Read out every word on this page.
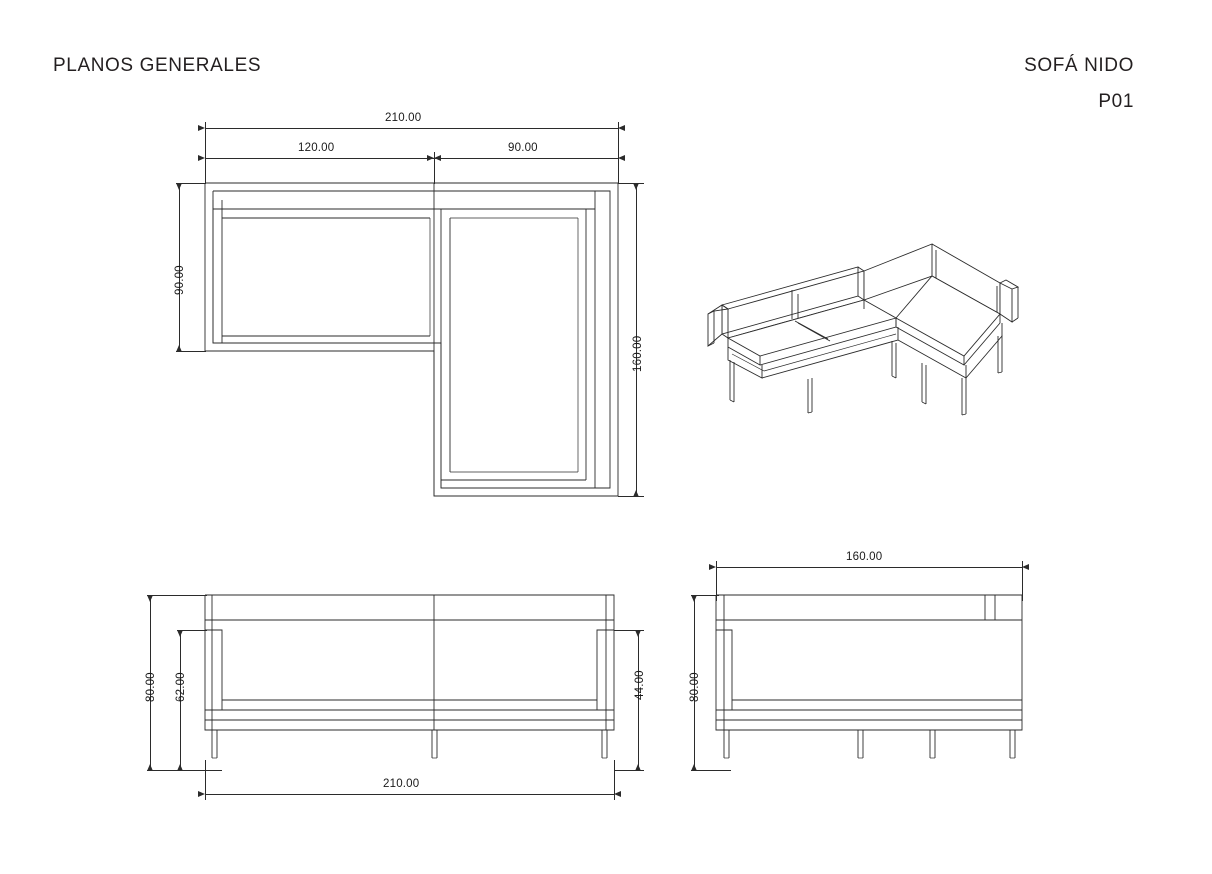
PLANOS GENERALES	SOFÁ NIDO
P01
210.00
120.00	90.00
90.00
160.00
80.00 62.00	44.00
210.00
160.00
80.00
